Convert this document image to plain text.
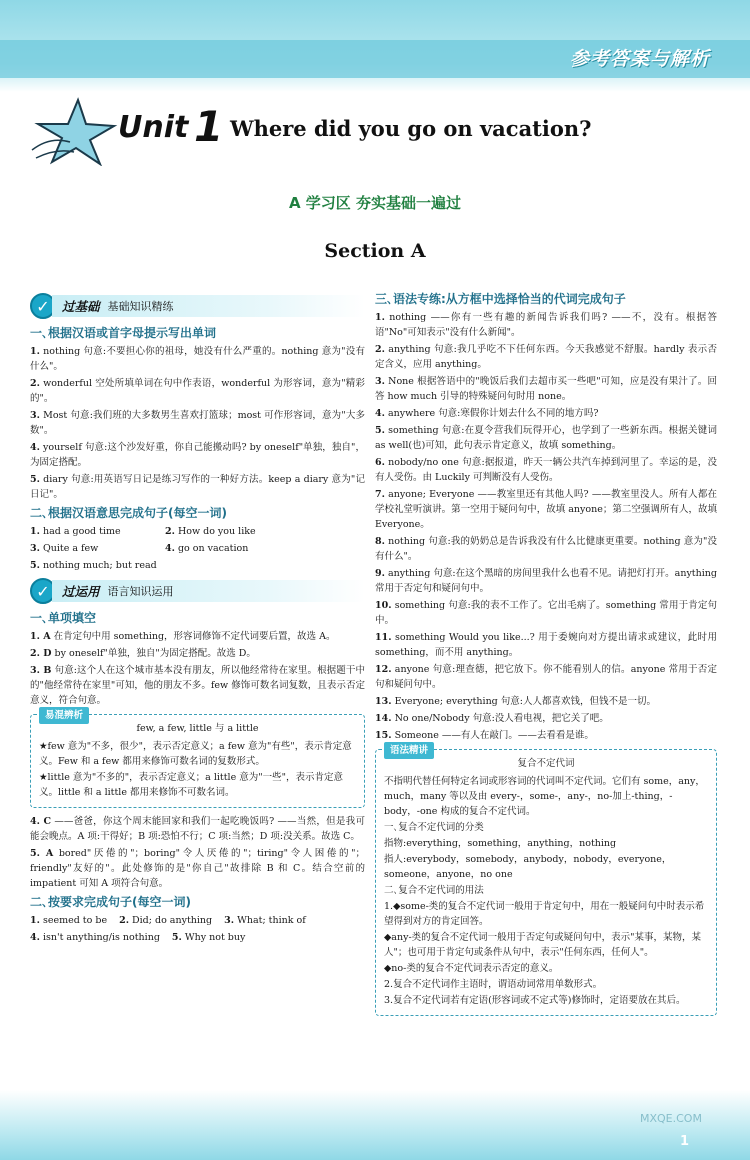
参考答案与解析
Unit 1 Where did you go on vacation?
A 学习区 夯实基础一遍过
Section A
✓ 过基础 基础知识精练
一､根据汉语或首字母提示写出单词
1. nothing 句意:不要担心你的祖母，她没有什么严重的。nothing 意为"没有什么"。
2. wonderful 空处所填单词在句中作表语，wonderful 为形容词，意为"精彩的"。
3. Most 句意:我们班的大多数男生喜欢打篮球；most 可作形容词，意为"大多数"。
4. yourself 句意:这个沙发好重，你自己能搬动吗? by oneself"单独，独自"，为固定搭配。
5. diary 句意:用英语写日记是练习写作的一种好方法。keep a diary 意为"记日记"。
二､根据汉语意思完成句子(每空一词)
1. had a good time	2. How do you like
3. Quite a few	4. go on vacation
5. nothing much; but read
✓ 过运用 语言知识运用
一､单项填空
1. A 在肯定句中用 something，形容词修饰不定代词要后置，故选 A。
2. D by oneself"单独，独自"为固定搭配。故选 D。
3. B 句意:这个人在这个城市基本没有朋友，所以他经常待在家里。根据题干中的"他经常待在家里"可知，他的朋友不多。few 修饰可数名词复数，且表示否定意义，符合句意。
易混辨析
few, a few, little 与 a little

★few 意为"不多，很少"，表示否定意义；a few 意为"有些"，表示肯定意义。Few 和 a few 都用来修饰可数名词的复数形式。

★little 意为"不多的"，表示否定意义；a little 意为"一些"，表示肯定意义。little 和 a little 都用来修饰不可数名词。

4. C ——爸爸，你这个周末能回家和我们一起吃晚饭吗? ——当然，但是我可能会晚点。A 项:干得好；B 项:恐怕不行；C 项:当然；D 项:没关系。故选 C。
5. A bored"厌倦的"；boring"令人厌倦的"；tiring"令人困倦的"；friendly"友好的"。此处修饰的是"你自己"故排除 B 和 C。结合空前的 impatient 可知 A 项符合句意。
二､按要求完成句子(每空一词)
1. seemed to be 2. Did; do anything 3. What; think of
4. isn't anything/is nothing 5. Why not buy
三､语法专练:从方框中选择恰当的代词完成句子
1. nothing ——你有一些有趣的新闻告诉我们吗? ——不，没有。根据答语"No"可知表示"没有什么新闻"。
2. anything 句意:我几乎吃不下任何东西。今天我感觉不舒服。hardly 表示否定含义，应用 anything。
3. None 根据答语中的"晚饭后我们去超市买一些吧"可知，应是没有果汁了。回答 how much 引导的特殊疑问句时用 none。
4. anywhere 句意:寒假你计划去什么不同的地方吗?
5. something 句意:在夏令营我们玩得开心，也学到了一些新东西。根据关键词 as well(也)可知，此句表示肯定意义，故填 something。
6. nobody/no one 句意:据报道，昨天一辆公共汽车掉到河里了。幸运的是，没有人受伤。由 Luckily 可判断没有人受伤。
7. anyone; Everyone ——教室里还有其他人吗? ——教室里没人。所有人都在学校礼堂听演讲。第一空用于疑问句中，故填 anyone；第二空强调所有人，故填 Everyone。
8. nothing 句意:我的奶奶总是告诉我没有什么比健康更重要。nothing 意为"没有什么"。
9. anything 句意:在这个黑暗的房间里我什么也看不见。请把灯打开。anything 常用于否定句和疑问句中。
10. something 句意:我的表不工作了。它出毛病了。something 常用于肯定句中。
11. something Would you like...? 用于委婉向对方提出请求或建议，此时用 something，而不用 anything。
12. anyone 句意:理查德，把它放下。你不能看别人的信。anyone 常用于否定句和疑问句中。
13. Everyone; everything 句意:人人都喜欢钱，但钱不是一切。
14. No one/Nobody 句意:没人看电视，把它关了吧。
15. Someone ——有人在敲门。——去看看是谁。
语法精讲
复合不定代词

不指明代替任何特定名词或形容词的代词叫不定代词。它们有 some，any，much，many 等以及由 every-，some-，any-，no-加上-thing，-body，-one 构成的复合不定代词。

一､复合不定代词的分类

指物:everything，something，anything，nothing

指人:everybody，somebody，anybody，nobody，everyone，someone，anyone，no one

二､复合不定代词的用法

1.◆some-类的复合不定代词一般用于肯定句中，用在一般疑问句中时表示希望得到对方的肯定回答。

◆any-类的复合不定代词一般用于否定句或疑问句中，表示"某事，某物，某人"；也可用于肯定句或条件从句中，表示"任何东西，任何人"。

◆no-类的复合不定代词表示否定的意义。

2.复合不定代词作主语时，谓语动词常用单数形式。

3.复合不定代词若有定语(形容词或不定式等)修饰时，定语要放在其后。

MXQE.COM
1
